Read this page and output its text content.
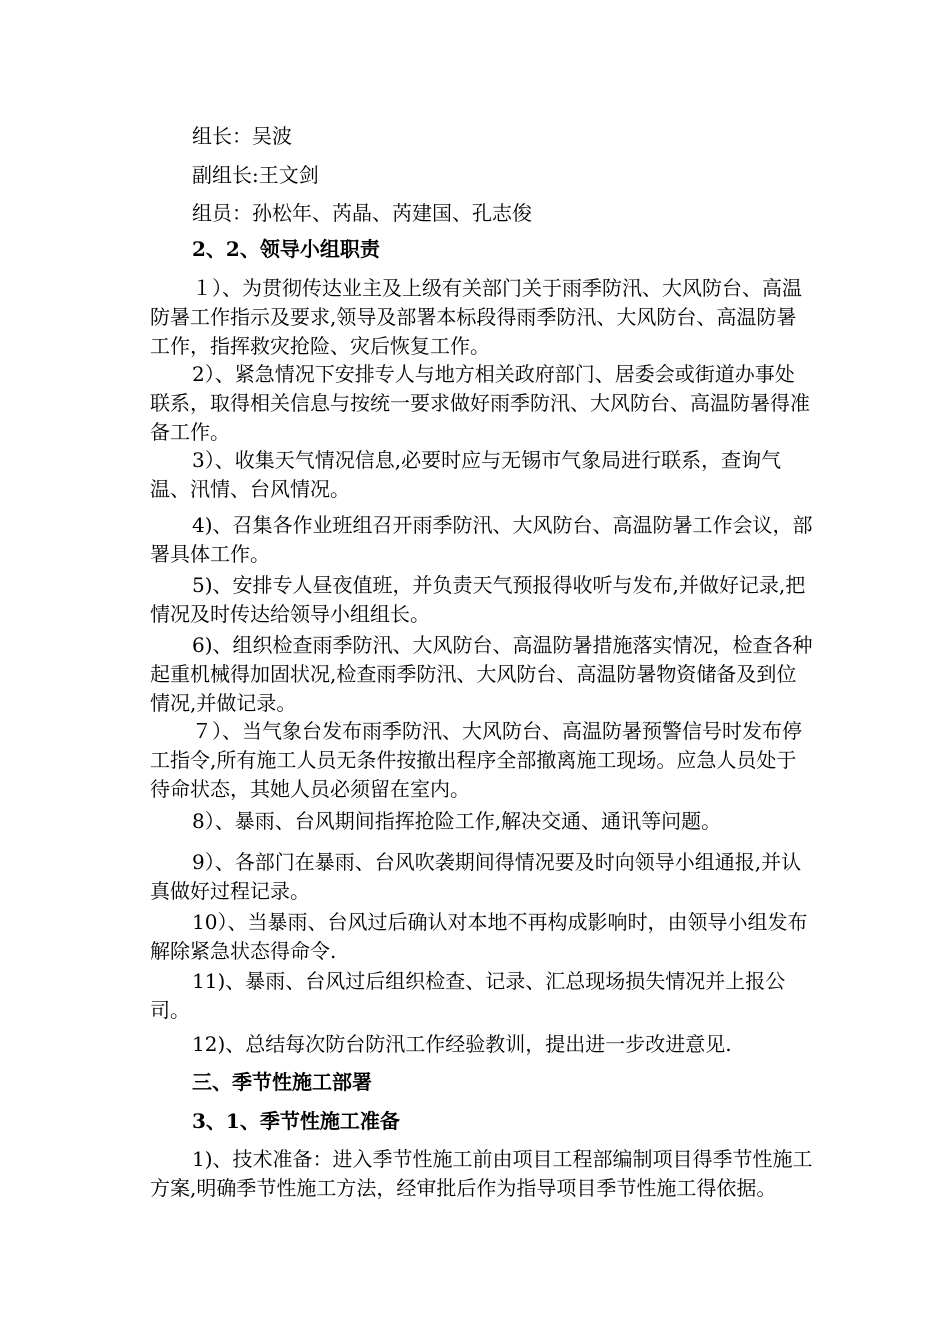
组长：吴波
副组长:王文剑
组员：孙松年、芮晶、芮建国、孔志俊
2、2、领导小组职责
１）、为贯彻传达业主及上级有关部门关于雨季防汛、大风防台、高温防暑工作指示及要求,领导及部署本标段得雨季防汛、大风防台、高温防暑工作，指挥救灾抢险、灾后恢复工作。
2）、紧急情况下安排专人与地方相关政府部门、居委会或街道办事处联系，取得相关信息与按统一要求做好雨季防汛、大风防台、高温防暑得准备工作。
3）、收集天气情况信息,必要时应与无锡市气象局进行联系，查询气温、汛情、台风情况。
4)、召集各作业班组召开雨季防汛、大风防台、高温防暑工作会议，部署具体工作。
5)、安排专人昼夜值班，并负责天气预报得收听与发布,并做好记录,把情况及时传达给领导小组组长。
6)、组织检查雨季防汛、大风防台、高温防暑措施落实情况，检查各种起重机械得加固状况,检查雨季防汛、大风防台、高温防暑物资储备及到位情况,并做记录。
７）、当气象台发布雨季防汛、大风防台、高温防暑预警信号时发布停工指令,所有施工人员无条件按撤出程序全部撤离施工现场。应急人员处于待命状态，其她人员必须留在室内。
8）、暴雨、台风期间指挥抢险工作,解决交通、通讯等问题。
9）、各部门在暴雨、台风吹袭期间得情况要及时向领导小组通报,并认真做好过程记录。
10）、当暴雨、台风过后确认对本地不再构成影响时，由领导小组发布解除紧急状态得命令.
11)、暴雨、台风过后组织检查、记录、汇总现场损失情况并上报公司。
12)、总结每次防台防汛工作经验教训，提出进一步改进意见.
三、季节性施工部署
3、1、季节性施工准备
1)、技术准备：进入季节性施工前由项目工程部编制项目得季节性施工方案,明确季节性施工方法，经审批后作为指导项目季节性施工得依据。
